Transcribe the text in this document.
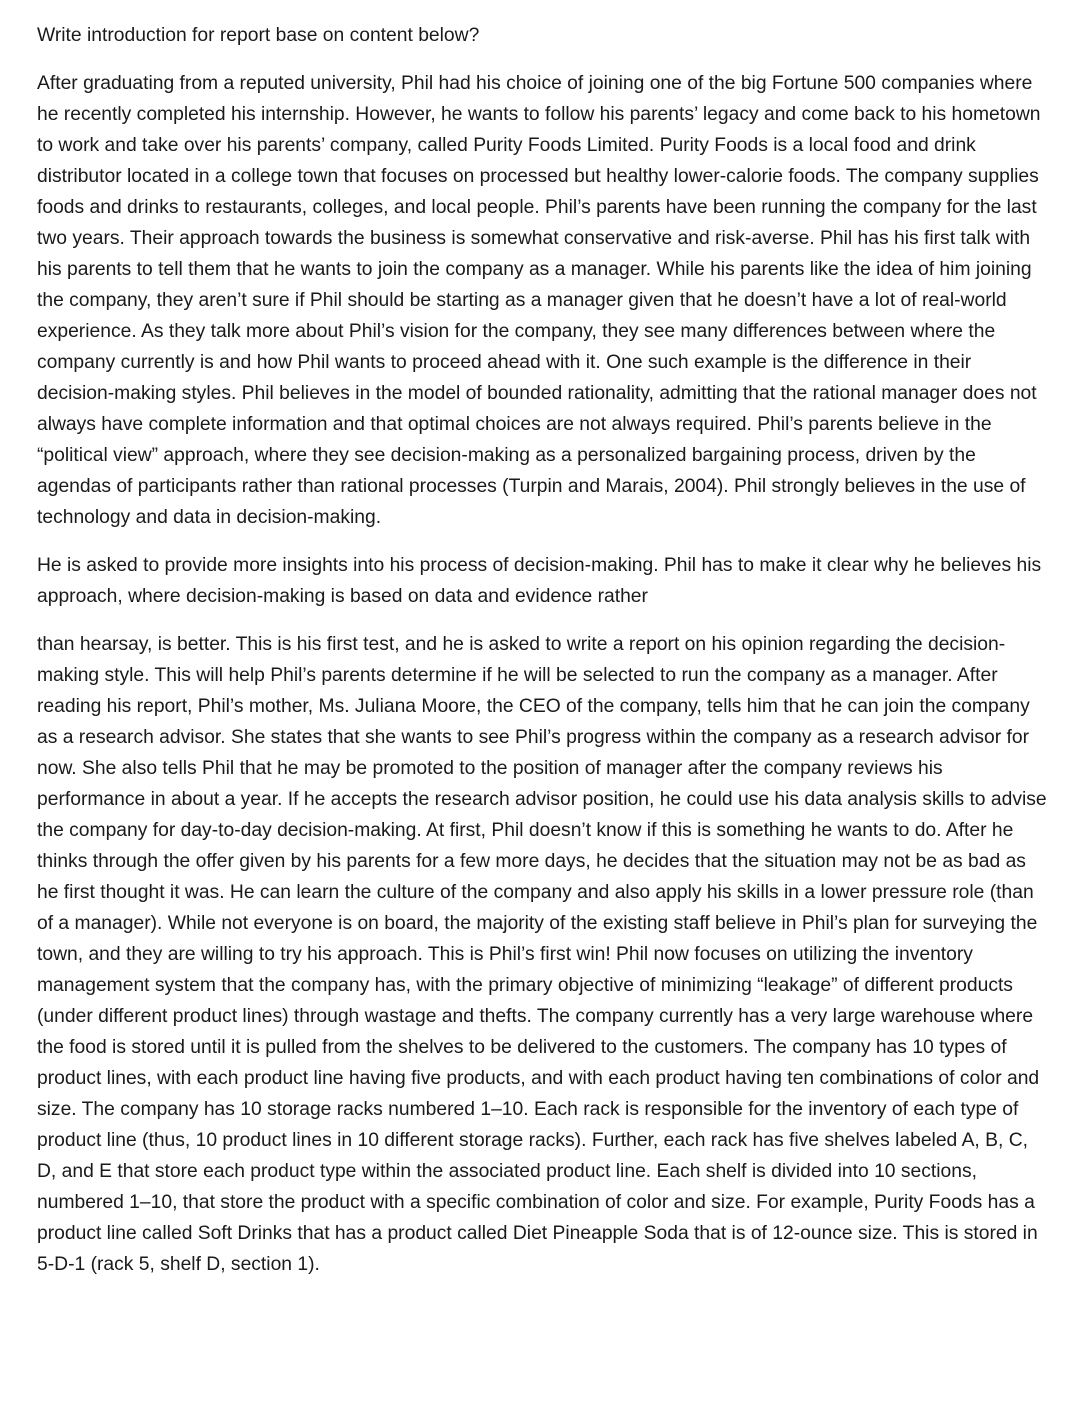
Write introduction for report base on content below?

After graduating from a reputed university, Phil had his choice of joining one of the big Fortune 500 companies where he recently completed his internship. However, he wants to follow his parents’ legacy and come back to his hometown to work and take over his parents’ company, called Purity Foods Limited. Purity Foods is a local food and drink distributor located in a college town that focuses on processed but healthy lower-calorie foods. The company supplies foods and drinks to restaurants, colleges, and local people. Phil’s parents have been running the company for the last two years. Their approach towards the business is somewhat conservative and risk-averse. Phil has his first talk with his parents to tell them that he wants to join the company as a manager. While his parents like the idea of him joining the company, they aren’t sure if Phil should be starting as a manager given that he doesn’t have a lot of real-world experience. As they talk more about Phil’s vision for the company, they see many differences between where the company currently is and how Phil wants to proceed ahead with it. One such example is the difference in their decision-making styles. Phil believes in the model of bounded rationality, admitting that the rational manager does not always have complete information and that optimal choices are not always required. Phil’s parents believe in the “political view” approach, where they see decision-making as a personalized bargaining process, driven by the agendas of participants rather than rational processes (Turpin and Marais, 2004). Phil strongly believes in the use of technology and data in decision-making.

He is asked to provide more insights into his process of decision-making. Phil has to make it clear why he believes his approach, where decision-making is based on data and evidence rather

than hearsay, is better. This is his first test, and he is asked to write a report on his opinion regarding the decision-making style. This will help Phil’s parents determine if he will be selected to run the company as a manager. After reading his report, Phil’s mother, Ms. Juliana Moore, the CEO of the company, tells him that he can join the company as a research advisor. She states that she wants to see Phil’s progress within the company as a research advisor for now. She also tells Phil that he may be promoted to the position of manager after the company reviews his performance in about a year. If he accepts the research advisor position, he could use his data analysis skills to advise the company for day-to-day decision-making. At first, Phil doesn’t know if this is something he wants to do. After he thinks through the offer given by his parents for a few more days, he decides that the situation may not be as bad as he first thought it was. He can learn the culture of the company and also apply his skills in a lower pressure role (than of a manager). While not everyone is on board, the majority of the existing staff believe in Phil’s plan for surveying the town, and they are willing to try his approach. This is Phil’s first win! Phil now focuses on utilizing the inventory management system that the company has, with the primary objective of minimizing “leakage” of different products (under different product lines) through wastage and thefts. The company currently has a very large warehouse where the food is stored until it is pulled from the shelves to be delivered to the customers. The company has 10 types of product lines, with each product line having five products, and with each product having ten combinations of color and size. The company has 10 storage racks numbered 1–10. Each rack is responsible for the inventory of each type of product line (thus, 10 product lines in 10 different storage racks). Further, each rack has five shelves labeled A, B, C, D, and E that store each product type within the associated product line. Each shelf is divided into 10 sections, numbered 1–10, that store the product with a specific combination of color and size. For example, Purity Foods has a product line called Soft Drinks that has a product called Diet Pineapple Soda that is of 12-ounce size. This is stored in 5-D-1 (rack 5, shelf D, section 1).
